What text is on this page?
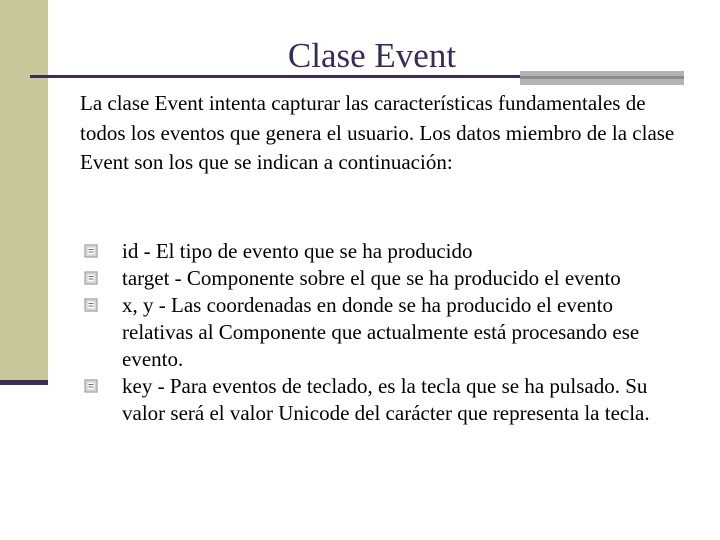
Clase Event

La clase Event intenta capturar las características fundamentales de todos los eventos que genera el usuario. Los datos miembro de la clase Event son los que se indican a continuación:

id - El tipo de evento que se ha producido
target - Componente sobre el que se ha producido el evento
x, y - Las coordenadas en donde se ha producido el evento relativas al Componente que actualmente está procesando ese evento.
key - Para eventos de teclado, es la tecla que se ha pulsado. Su valor será el valor Unicode del carácter que representa la tecla.
